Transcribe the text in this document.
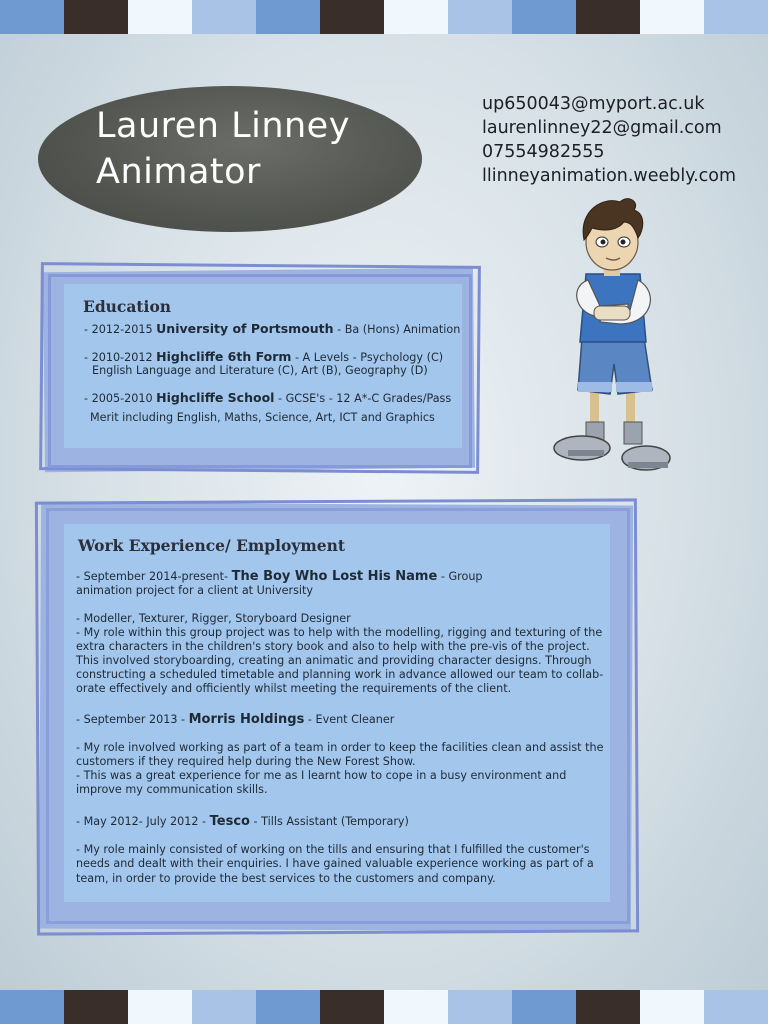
Lauren Linney
Animator
up650043@myport.ac.uk
laurenlinney22@gmail.com
07554982555
llinneyanimation.weebly.com
Education
- 2012-2015 University of Portsmouth - Ba (Hons) Animation
- 2010-2012 Highcliffe 6th Form - A Levels - Psychology (C)
English Language and Literature (C), Art (B), Geography (D)
- 2005-2010 Highcliffe School - GCSE's - 12 A*-C Grades/Pass
Merit including English, Maths, Science, Art, ICT and Graphics
Work Experience/ Employment
- September 2014-present- The Boy Who Lost His Name - Group
animation project for a client at University
- Modeller, Texturer, Rigger, Storyboard Designer
- My role within this group project was to help with the modelling, rigging and texturing of the
extra characters in the children's story book and also to help with the pre-vis of the project.
This involved storyboarding, creating an animatic and providing character designs. Through
constructing a scheduled timetable and planning work in advance allowed our team to collab-
orate effectively and officiently whilst meeting the requirements of the client.
- September 2013 - Morris Holdings - Event Cleaner
- My role involved working as part of a team in order to keep the facilities clean and assist the
customers if they required help during the New Forest Show.
- This was a great experience for me as I learnt how to cope in a busy environment and
improve my communication skills.
- May 2012- July 2012 - Tesco - Tills Assistant (Temporary)
- My role mainly consisted of working on the tills and ensuring that I fulfilled the customer's
needs and dealt with their enquiries. I have gained valuable experience working as part of a
team, in order to provide the best services to the customers and company.
